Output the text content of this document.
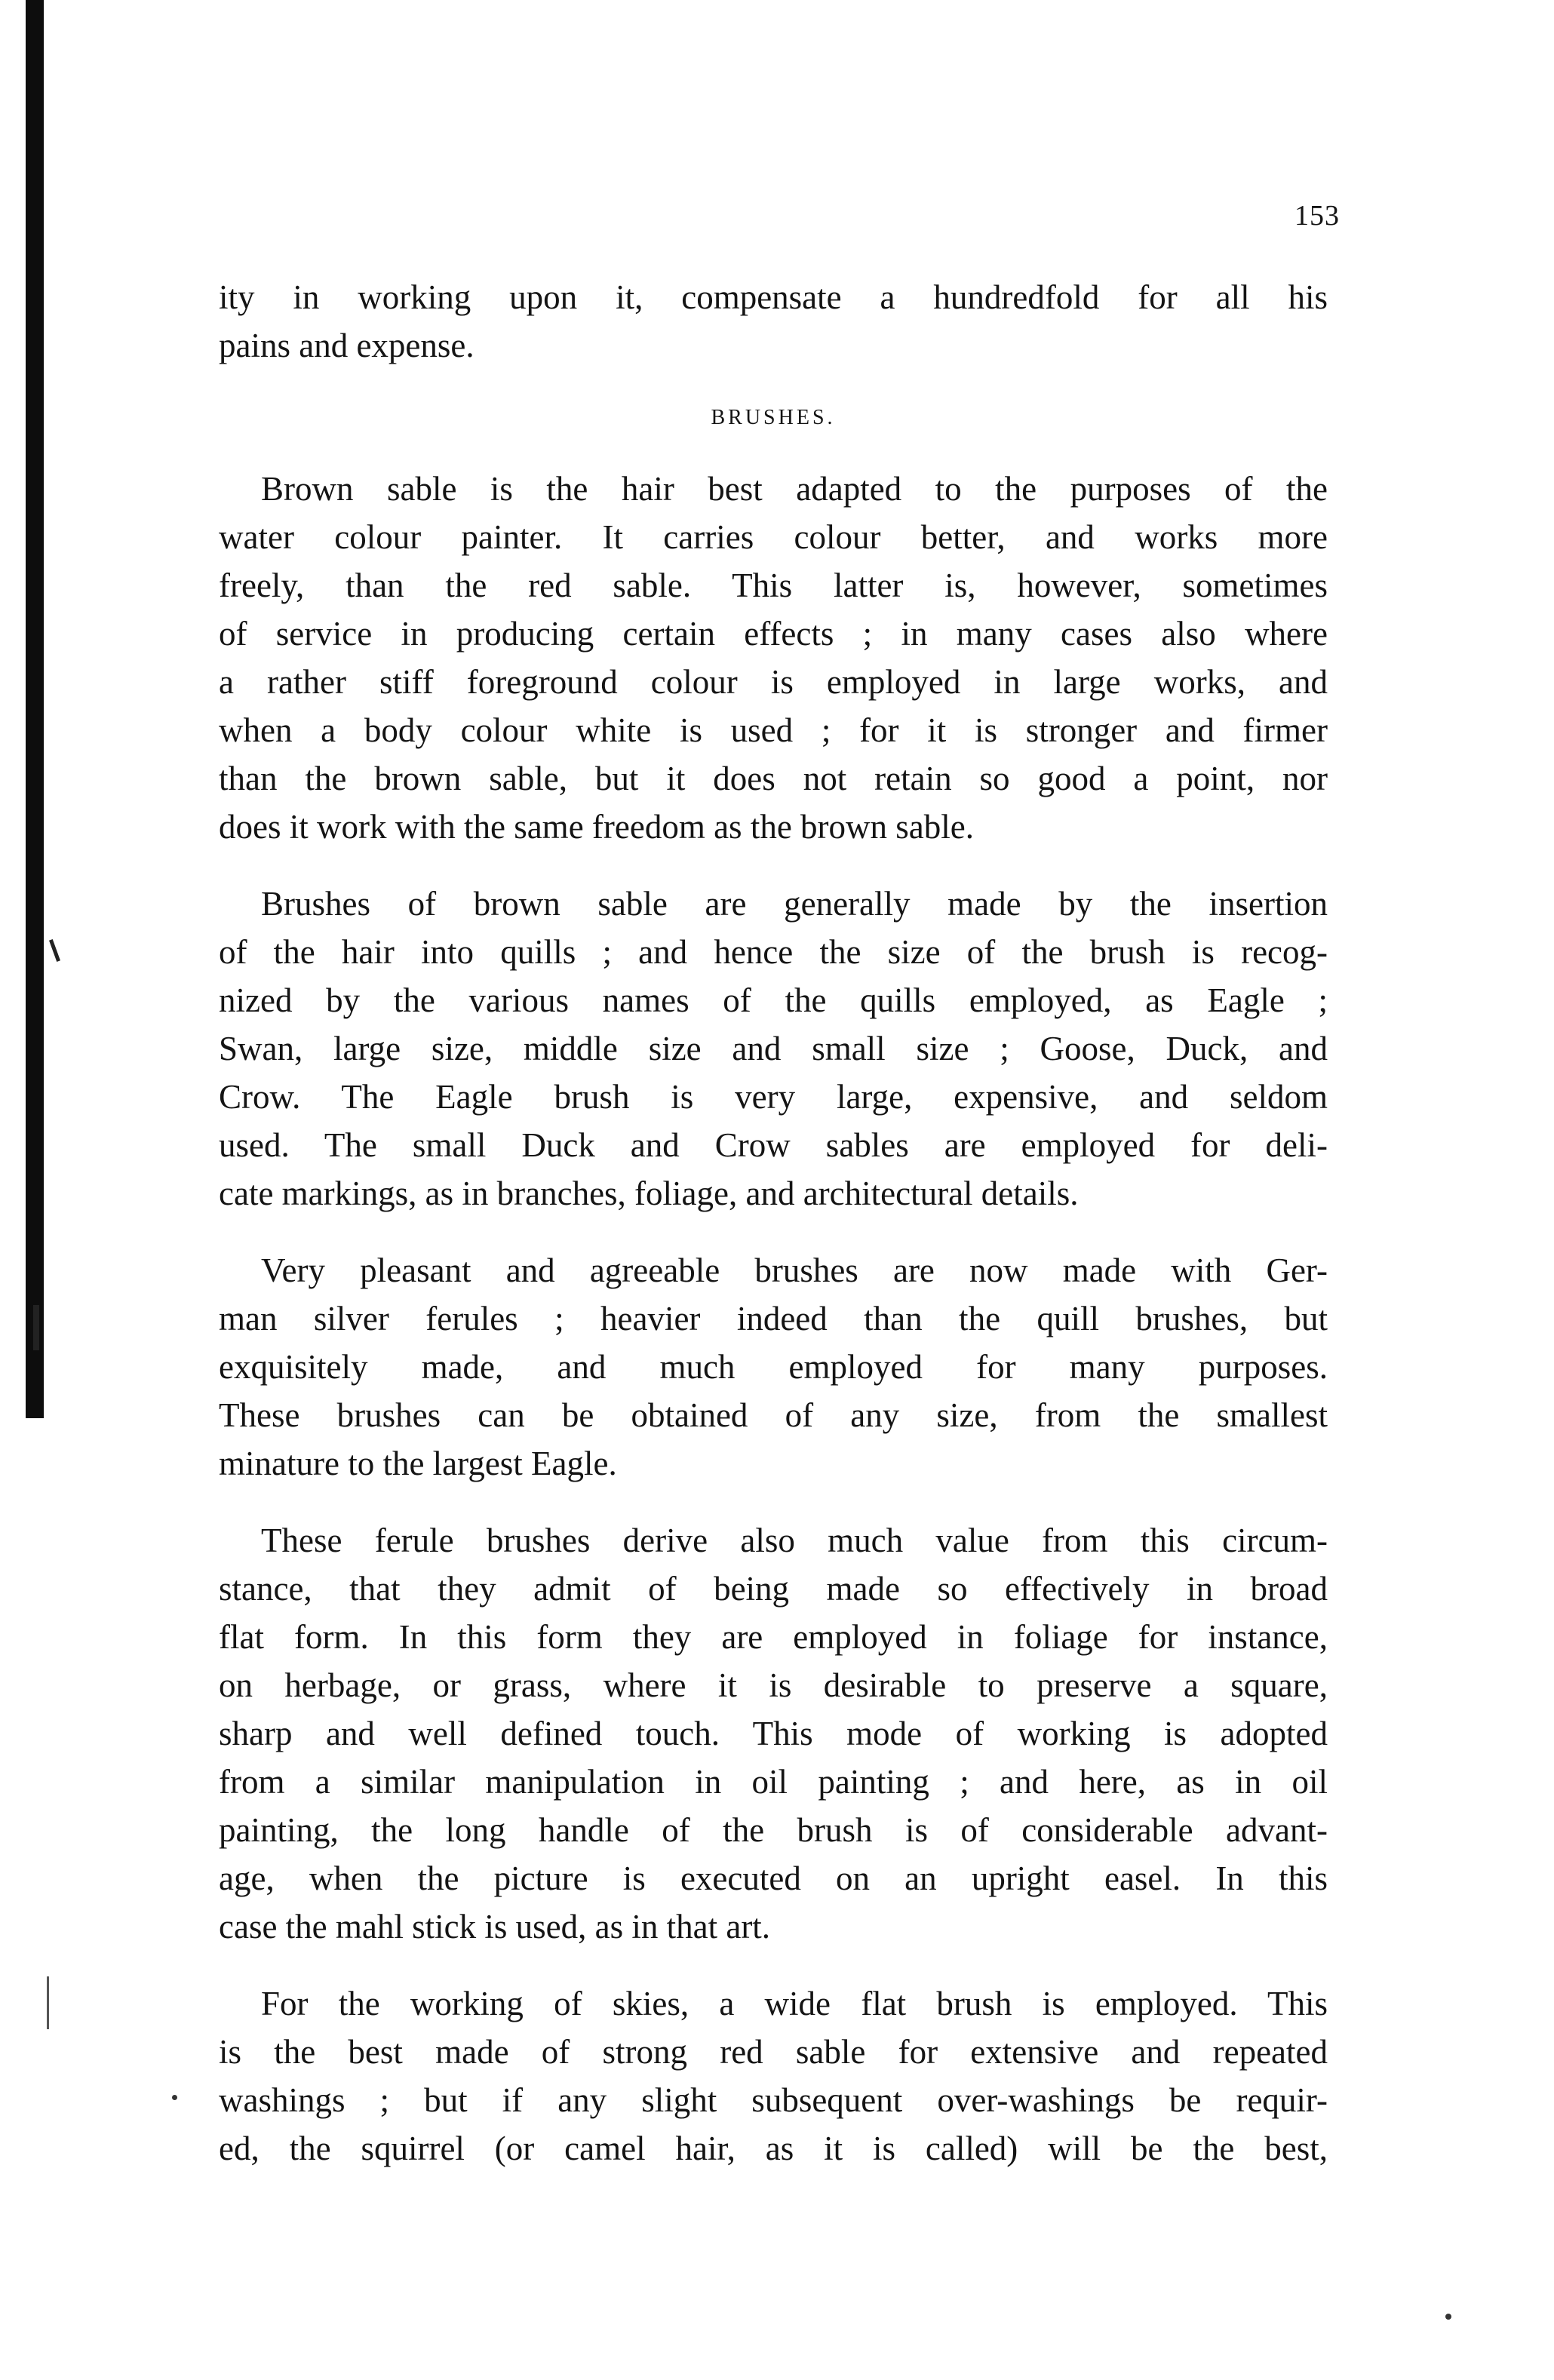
153

ity in working upon it, compensate a hundredfold for all his
pains and expense.

BRUSHES.

Brown sable is the hair best adapted to the purposes of the
water colour painter. It carries colour better, and works more
freely, than the red sable. This latter is, however, sometimes
of service in producing certain effects ; in many cases also where
a rather stiff foreground colour is employed in large works, and
when a body colour white is used ; for it is stronger and firmer
than the brown sable, but it does not retain so good a point, nor
does it work with the same freedom as the brown sable.

Brushes of brown sable are generally made by the insertion
of the hair into quills ; and hence the size of the brush is recog-
nized by the various names of the quills employed, as Eagle ;
Swan, large size, middle size and small size ; Goose, Duck, and
Crow. The Eagle brush is very large, expensive, and seldom
used. The small Duck and Crow sables are employed for deli-
cate markings, as in branches, foliage, and architectural details.

Very pleasant and agreeable brushes are now made with Ger-
man silver ferules ; heavier indeed than the quill brushes, but
exquisitely made, and much employed for many purposes.
These brushes can be obtained of any size, from the smallest
minature to the largest Eagle.

These ferule brushes derive also much value from this circum-
stance, that they admit of being made so effectively in broad
flat form. In this form they are employed in foliage for instance,
on herbage, or grass, where it is desirable to preserve a square,
sharp and well defined touch. This mode of working is adopted
from a similar manipulation in oil painting ; and here, as in oil
painting, the long handle of the brush is of considerable advant-
age, when the picture is executed on an upright easel. In this
case the mahl stick is used, as in that art.

For the working of skies, a wide flat brush is employed. This
is the best made of strong red sable for extensive and repeated
washings ; but if any slight subsequent over-washings be requir-
ed, the squirrel (or camel hair, as it is called) will be the best,
